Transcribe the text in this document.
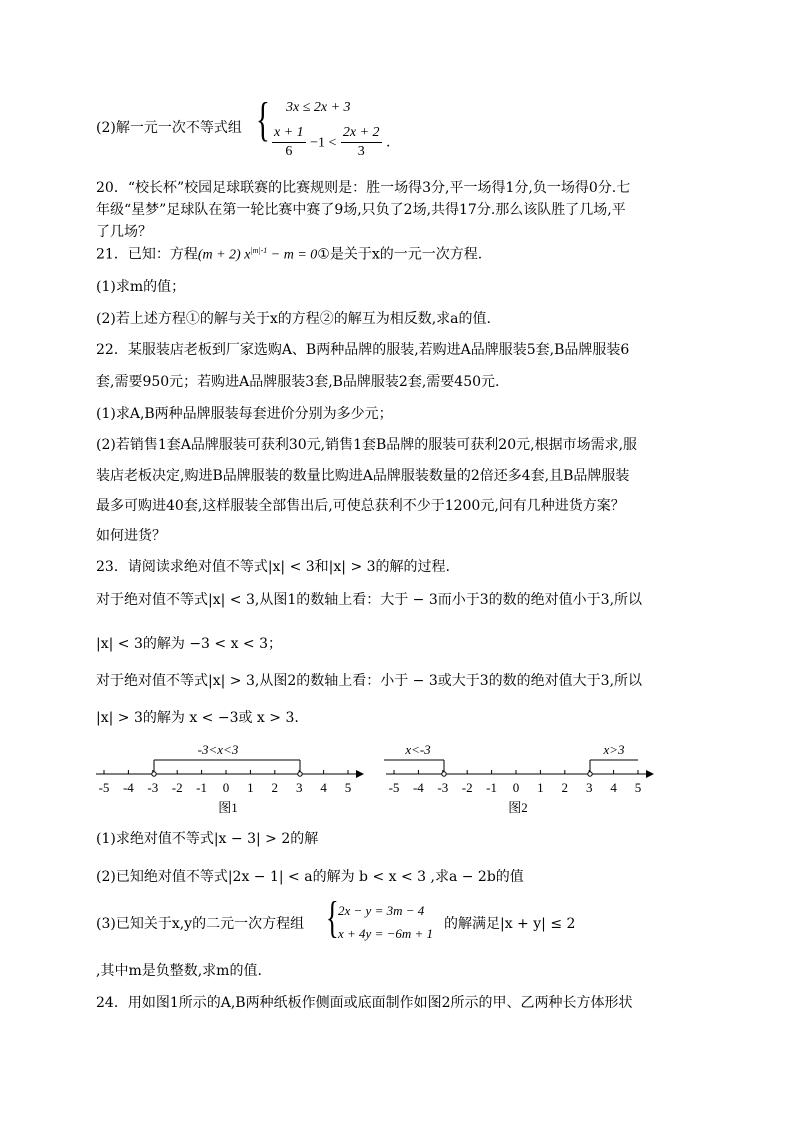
(2)解一元一次不等式组 { 3x ≤ 2x + 3
$\frac{x + 1}{6} -1 < \frac{2x + 2}{3}$ .
20．“校长杯”校园足球联赛的比赛规则是：胜一场得3分,平一场得1分,负一场得0分.七
年级“星梦”足球队在第一轮比赛中赛了9场,只负了2场,共得17分.那么该队胜了几场,平
了几场？
21．已知：方程(m + 2) $x^{|m|-1} - m$ = 0①是关于x的一元一次方程.
(1)求m的值；
(2)若上述方程①的解与关于x的方程②的解互为相反数,求a的值.
22．某服装店老板到厂家选购A、B两种品牌的服装,若购进A品牌服装5套,B品牌服装6
套,需要950元；若购进A品牌服装3套,B品牌服装2套,需要450元.
(1)求A,B两种品牌服装每套进价分别为多少元；
(2)若销售1套A品牌服装可获利30元,销售1套B品牌的服装可获利20元,根据市场需求,服
装店老板决定,购进B品牌服装的数量比购进A品牌服装数量的2倍还多4套,且B品牌服装
最多可购进40套,这样服装全部售出后,可使总获利不少于1200元,问有几种进货方案？
如何进货？
23．请阅读求绝对值不等式|x| < 3和|x| > 3的解的过程.
对于绝对值不等式|x| < 3,从图1的数轴上看：大于 − 3而小于3的数的绝对值小于3,所以
|x| < 3的解为 −3 < x < 3；
对于绝对值不等式|x| > 3,从图2的数轴上看：小于 − 3或大于3的数的绝对值大于3,所以
|x| > 3的解为 x < −3或 x > 3.
-3<x<3
-5 -4 -3 -2 -1 0 1 2 3 4 5
图1
x<-3	x>3
-5 -4 -3 -2 -1 0 1 2 3 4 5
图2
(1)求绝对值不等式|x − 3| > 2的解
(2)已知绝对值不等式|2x − 1| < a的解为 b < x < 3 ,求a − 2b的值
(3)已知关于x,y的二元一次方程组 { 2x − y = 3m − 4
x + 4y = −6m + 1
的解满足|x + y| ≤ 2
,其中m是负整数,求m的值.
24．用如图1所示的A,B两种纸板作侧面或底面制作如图2所示的甲、乙两种长方体形状
